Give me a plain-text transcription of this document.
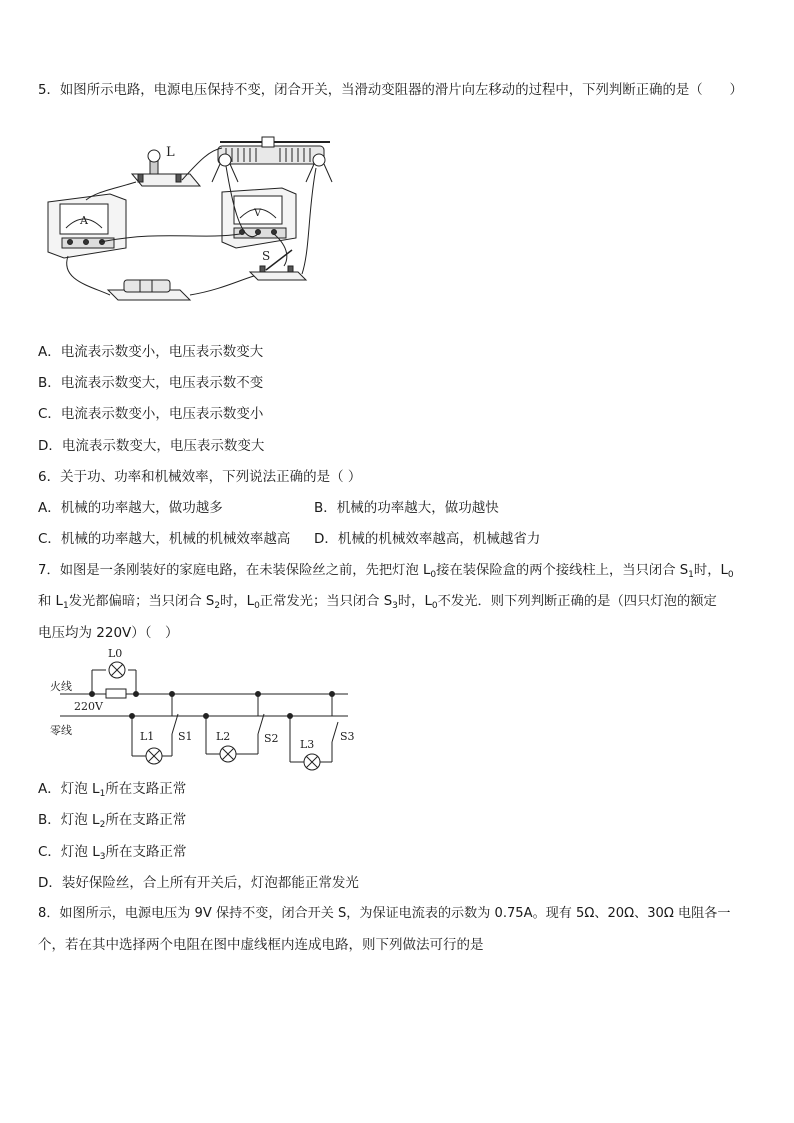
5．如图所示电路，电源电压保持不变，闭合开关，当滑动变阻器的滑片向左移动的过程中，下列判断正确的是（　　）
L
A
V
S
A．电流表示数变小，电压表示数变大
B．电流表示数变大，电压表示数不变
C．电流表示数变小，电压表示数变小
D．电流表示数变大，电压表示数变大
6．关于功、功率和机械效率，下列说法正确的是（ ）
A．机械的功率越大，做功越多	B．机械的功率越大，做功越快
C．机械的功率越大，机械的机械效率越高 D．机械的机械效率越高，机械越省力
7．如图是一条刚装好的家庭电路，在未装保险丝之前，先把灯泡 $L_0$接在装保险盒的两个接线柱上，当只闭合 $S_1$时，$L_0$
和 $L_1$发光都偏暗；当只闭合 $S_2$时，$L_0$正常发光；当只闭合 $S_3$时，$L_0$不发光．则下列判断正确的是（四只灯泡的额定
电压均为 220V）（　）
L0
火线
220V
零线	L1 S1 L2	S2 L3
S3
A．灯泡 $L_1$所在支路正常
B．灯泡 $L_2$所在支路正常
C．灯泡 $L_3$所在支路正常
D．装好保险丝，合上所有开关后，灯泡都能正常发光
8．如图所示，电源电压为 9V 保持不变，闭合开关 S，为保证电流表的示数为 0.75A。现有 5Ω、20Ω、30Ω 电阻各一
个，若在其中选择两个电阻在图中虚线框内连成电路，则下列做法可行的是
